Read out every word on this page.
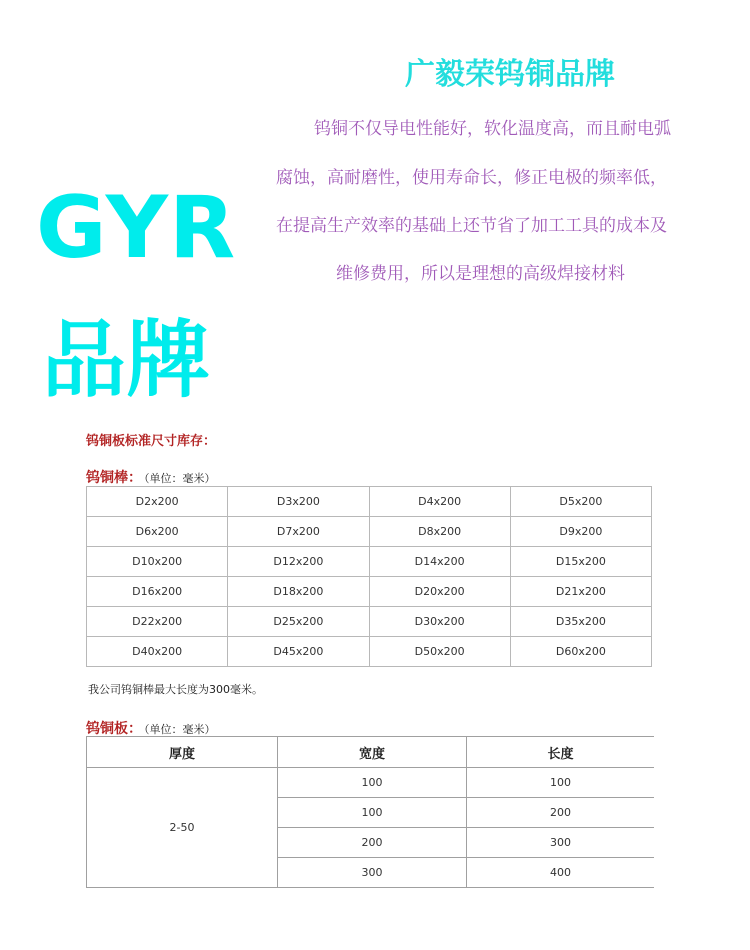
GYR
品牌
广毅荣钨铜品牌
钨铜不仅导电性能好，软化温度高，而且耐电弧
腐蚀，高耐磨性，使用寿命长，修正电极的频率低，
在提高生产效率的基础上还节省了加工工具的成本及
维修费用，所以是理想的高级焊接材料
钨铜板标准尺寸库存：
钨铜棒： （单位：毫米）
D2x200	D3x200	D4x200	D5x200
D6x200	D7x200	D8x200	D9x200
D10x200	D12x200	D14x200	D15x200
D16x200	D18x200	D20x200	D21x200
D22x200	D25x200	D30x200	D35x200
D40x200	D45x200	D50x200	D60x200
我公司钨铜棒最大长度为300毫米。
钨铜板： （单位：毫米）
厚度	宽度	长度
2-50	100	100
	100	200
	200	300
	300	400
